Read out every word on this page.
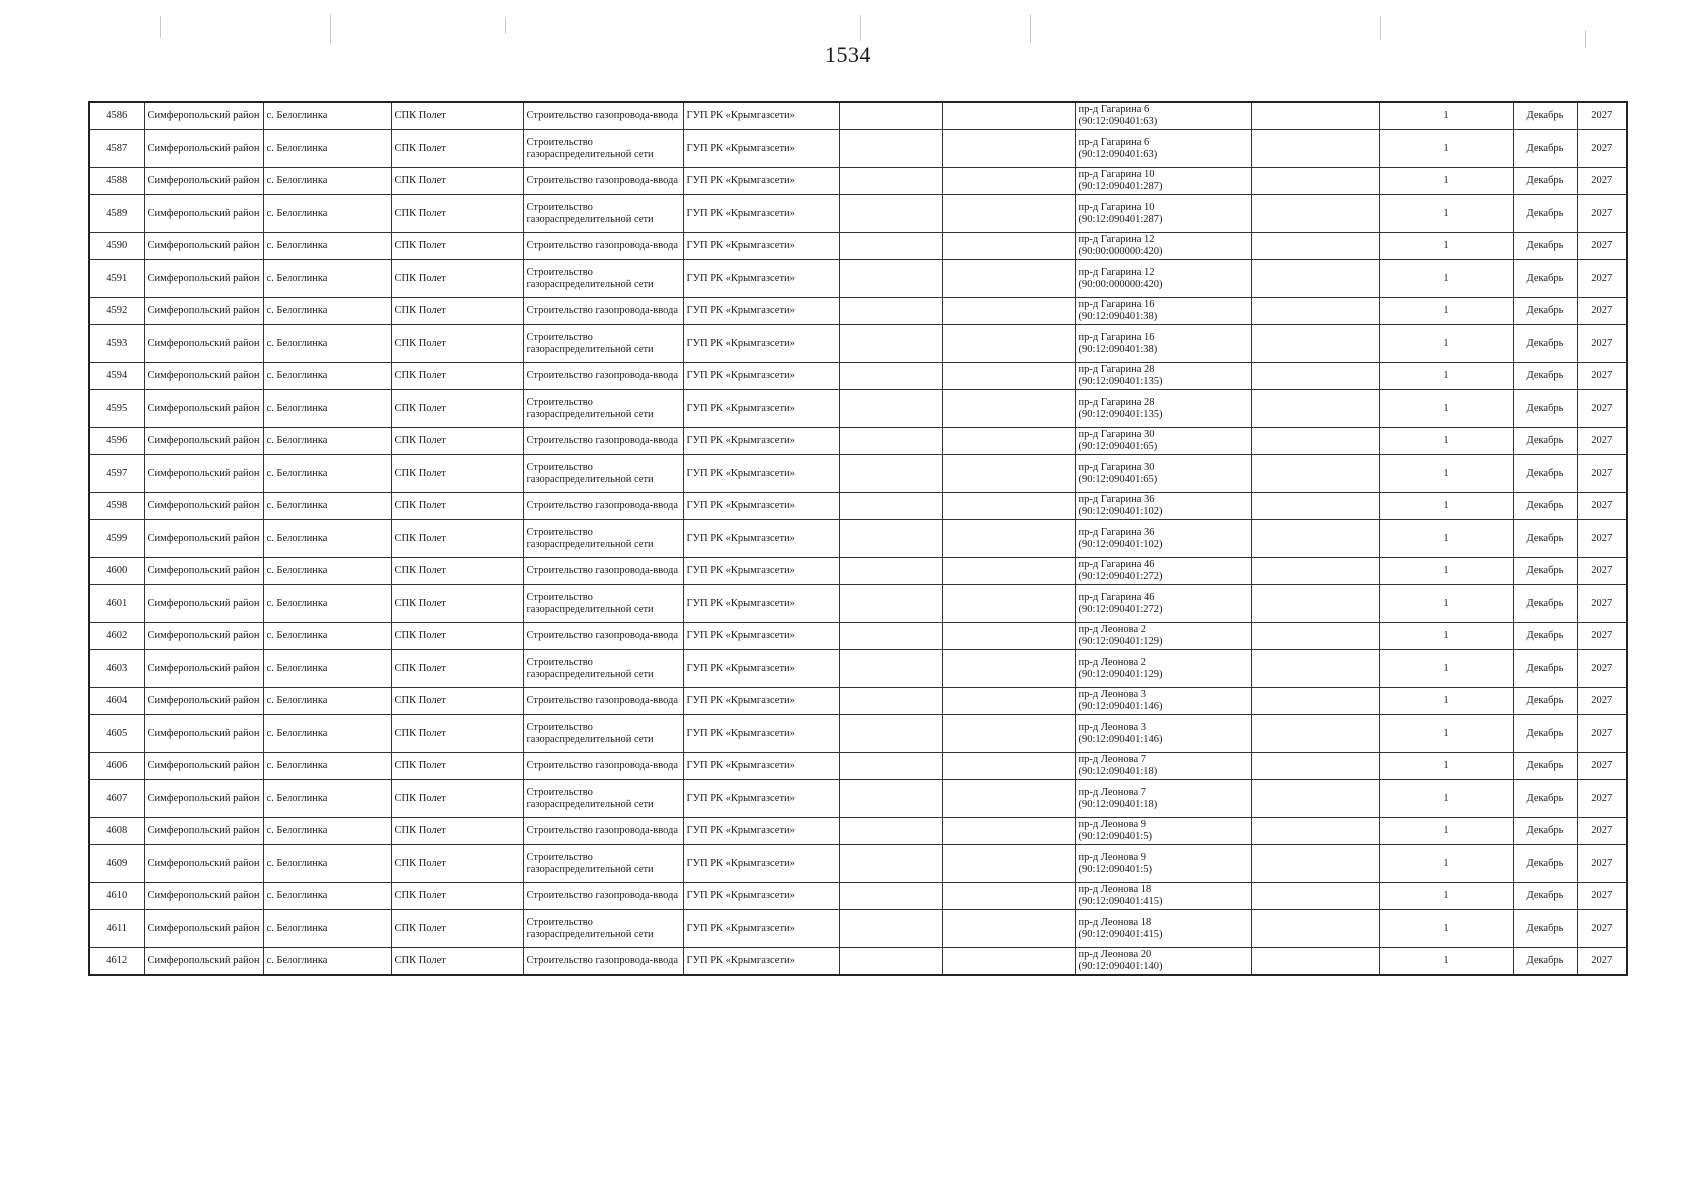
1534
4586	Симферопольский район	с. Белоглинка	СПК Полет	Строительство газопровода-ввода	ГУП РК «Крымгазсети»			пр-д Гагарина 6
(90:12:090401:63)		1	Декабрь	2027
4587	Симферопольский район	с. Белоглинка	СПК Полет	Строительство газораспределительной сети	ГУП РК «Крымгазсети»			пр-д Гагарина 6
(90:12:090401:63)		1	Декабрь	2027
4588	Симферопольский район	с. Белоглинка	СПК Полет	Строительство газопровода-ввода	ГУП РК «Крымгазсети»			пр-д Гагарина 10
(90:12:090401:287)		1	Декабрь	2027
4589	Симферопольский район	с. Белоглинка	СПК Полет	Строительство газораспределительной сети	ГУП РК «Крымгазсети»			пр-д Гагарина 10
(90:12:090401:287)		1	Декабрь	2027
4590	Симферопольский район	с. Белоглинка	СПК Полет	Строительство газопровода-ввода	ГУП РК «Крымгазсети»			пр-д Гагарина 12
(90:00:000000:420)		1	Декабрь	2027
4591	Симферопольский район	с. Белоглинка	СПК Полет	Строительство газораспределительной сети	ГУП РК «Крымгазсети»			пр-д Гагарина 12
(90:00:000000:420)		1	Декабрь	2027
4592	Симферопольский район	с. Белоглинка	СПК Полет	Строительство газопровода-ввода	ГУП РК «Крымгазсети»			пр-д Гагарина 16
(90:12:090401:38)		1	Декабрь	2027
4593	Симферопольский район	с. Белоглинка	СПК Полет	Строительство газораспределительной сети	ГУП РК «Крымгазсети»			пр-д Гагарина 16
(90:12:090401:38)		1	Декабрь	2027
4594	Симферопольский район	с. Белоглинка	СПК Полет	Строительство газопровода-ввода	ГУП РК «Крымгазсети»			пр-д Гагарина 28
(90:12:090401:135)		1	Декабрь	2027
4595	Симферопольский район	с. Белоглинка	СПК Полет	Строительство газораспределительной сети	ГУП РК «Крымгазсети»			пр-д Гагарина 28
(90:12:090401:135)		1	Декабрь	2027
4596	Симферопольский район	с. Белоглинка	СПК Полет	Строительство газопровода-ввода	ГУП РК «Крымгазсети»			пр-д Гагарина 30
(90:12:090401:65)		1	Декабрь	2027
4597	Симферопольский район	с. Белоглинка	СПК Полет	Строительство газораспределительной сети	ГУП РК «Крымгазсети»			пр-д Гагарина 30
(90:12:090401:65)		1	Декабрь	2027
4598	Симферопольский район	с. Белоглинка	СПК Полет	Строительство газопровода-ввода	ГУП РК «Крымгазсети»			пр-д Гагарина 36
(90:12:090401:102)		1	Декабрь	2027
4599	Симферопольский район	с. Белоглинка	СПК Полет	Строительство газораспределительной сети	ГУП РК «Крымгазсети»			пр-д Гагарина 36
(90:12:090401:102)		1	Декабрь	2027
4600	Симферопольский район	с. Белоглинка	СПК Полет	Строительство газопровода-ввода	ГУП РК «Крымгазсети»			пр-д Гагарина 46
(90:12:090401:272)		1	Декабрь	2027
4601	Симферопольский район	с. Белоглинка	СПК Полет	Строительство газораспределительной сети	ГУП РК «Крымгазсети»			пр-д Гагарина 46
(90:12:090401:272)		1	Декабрь	2027
4602	Симферопольский район	с. Белоглинка	СПК Полет	Строительство газопровода-ввода	ГУП РК «Крымгазсети»			пр-д Леонова 2
(90:12:090401:129)		1	Декабрь	2027
4603	Симферопольский район	с. Белоглинка	СПК Полет	Строительство газораспределительной сети	ГУП РК «Крымгазсети»			пр-д Леонова 2
(90:12:090401:129)		1	Декабрь	2027
4604	Симферопольский район	с. Белоглинка	СПК Полет	Строительство газопровода-ввода	ГУП РК «Крымгазсети»			пр-д Леонова 3
(90:12:090401:146)		1	Декабрь	2027
4605	Симферопольский район	с. Белоглинка	СПК Полет	Строительство газораспределительной сети	ГУП РК «Крымгазсети»			пр-д Леонова 3
(90:12:090401:146)		1	Декабрь	2027
4606	Симферопольский район	с. Белоглинка	СПК Полет	Строительство газопровода-ввода	ГУП РК «Крымгазсети»			пр-д Леонова 7
(90:12:090401:18)		1	Декабрь	2027
4607	Симферопольский район	с. Белоглинка	СПК Полет	Строительство газораспределительной сети	ГУП РК «Крымгазсети»			пр-д Леонова 7
(90:12:090401:18)		1	Декабрь	2027
4608	Симферопольский район	с. Белоглинка	СПК Полет	Строительство газопровода-ввода	ГУП РК «Крымгазсети»			пр-д Леонова 9
(90:12:090401:5)		1	Декабрь	2027
4609	Симферопольский район	с. Белоглинка	СПК Полет	Строительство газораспределительной сети	ГУП РК «Крымгазсети»			пр-д Леонова 9
(90:12:090401:5)		1	Декабрь	2027
4610	Симферопольский район	с. Белоглинка	СПК Полет	Строительство газопровода-ввода	ГУП РК «Крымгазсети»			пр-д Леонова 18
(90:12:090401:415)		1	Декабрь	2027
4611	Симферопольский район	с. Белоглинка	СПК Полет	Строительство газораспределительной сети	ГУП РК «Крымгазсети»			пр-д Леонова 18
(90:12:090401:415)		1	Декабрь	2027
4612	Симферопольский район	с. Белоглинка	СПК Полет	Строительство газопровода-ввода	ГУП РК «Крымгазсети»			пр-д Леонова 20
(90:12:090401:140)		1	Декабрь	2027
